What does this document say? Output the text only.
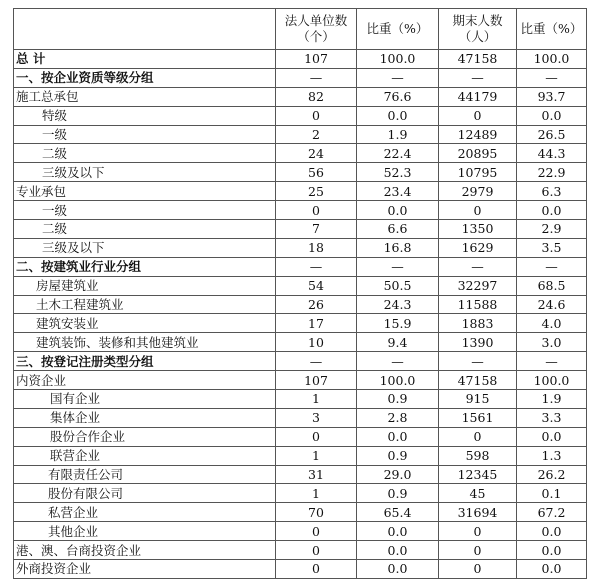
	法人单位数（个）	比重（%）	期末人数（人）	比重（%）
总 计	107	100.0	47158	100.0
一、按企业资质等级分组	—	—	—	—
施工总承包	82	76.6	44179	93.7
特级	0	0.0	0	0.0
一级	2	1.9	12489	26.5
二级	24	22.4	20895	44.3
三级及以下	56	52.3	10795	22.9
专业承包	25	23.4	2979	6.3
一级	0	0.0	0	0.0
二级	7	6.6	1350	2.9
三级及以下	18	16.8	1629	3.5
二、按建筑业行业分组	—	—	—	—
房屋建筑业	54	50.5	32297	68.5
土木工程建筑业	26	24.3	11588	24.6
建筑安装业	17	15.9	1883	4.0
建筑装饰、装修和其他建筑业	10	9.4	1390	3.0
三、按登记注册类型分组	—	—	—	—
内资企业	107	100.0	47158	100.0
国有企业	1	0.9	915	1.9
集体企业	3	2.8	1561	3.3
股份合作企业	0	0.0	0	0.0
联营企业	1	0.9	598	1.3
有限责任公司	31	29.0	12345	26.2
股份有限公司	1	0.9	45	0.1
私营企业	70	65.4	31694	67.2
其他企业	0	0.0	0	0.0
港、澳、台商投资企业	0	0.0	0	0.0
外商投资企业	0	0.0	0	0.0
